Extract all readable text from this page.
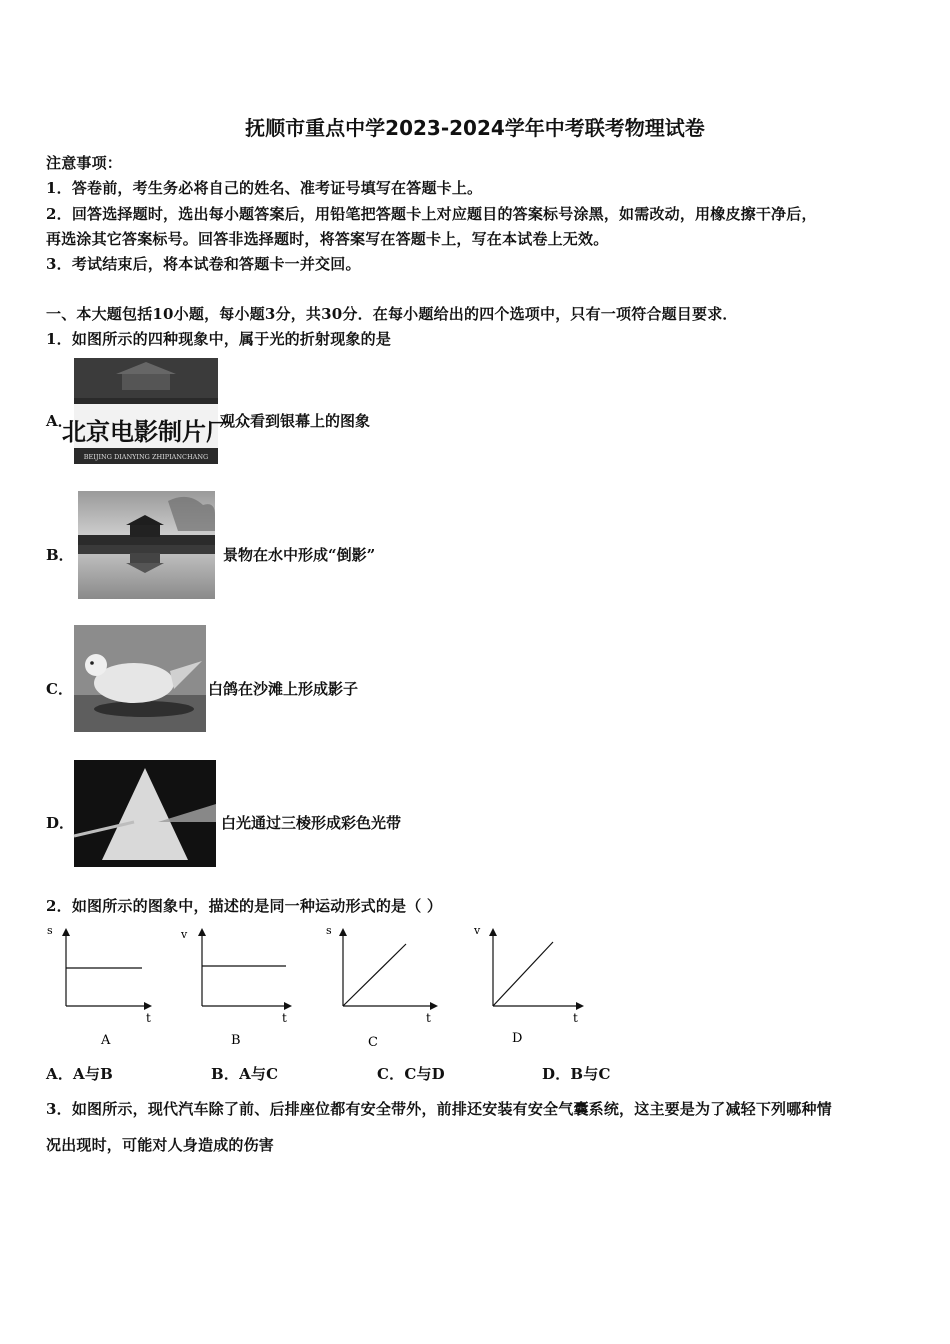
抚顺市重点中学2023-2024学年中考联考物理试卷
注意事项：
1．答卷前，考生务必将自己的姓名、准考证号填写在答题卡上。
2．回答选择题时，选出每小题答案后，用铅笔把答题卡上对应题目的答案标号涂黑，如需改动，用橡皮擦干净后，
再选涂其它答案标号。回答非选择题时，将答案写在答题卡上，写在本试卷上无效。
3．考试结束后，将本试卷和答题卡一并交回。
一、本大题包括10小题，每小题3分，共30分．在每小题给出的四个选项中，只有一项符合题目要求．
1．如图所示的四种现象中，属于光的折射现象的是
A．
北京电影制片厂
BEIJING DIANYING ZHIPIANCHANG
观众看到银幕上的图象
B．	景物在水中形成“倒影”
C．	白鸽在沙滩上形成影子
D．	白光通过三棱形成彩色光带
2．如图所示的图象中，描述的是同一种运动形式的是（ ）
s
t
A
v
t
B
s
t
C
v
t
D
A．A与B	B．A与C	C．C与D	D．B与C
3．如图所示，现代汽车除了前、后排座位都有安全带外，前排还安装有安全气囊系统，这主要是为了减轻下列哪种情
况出现时，可能对人身造成的伤害
